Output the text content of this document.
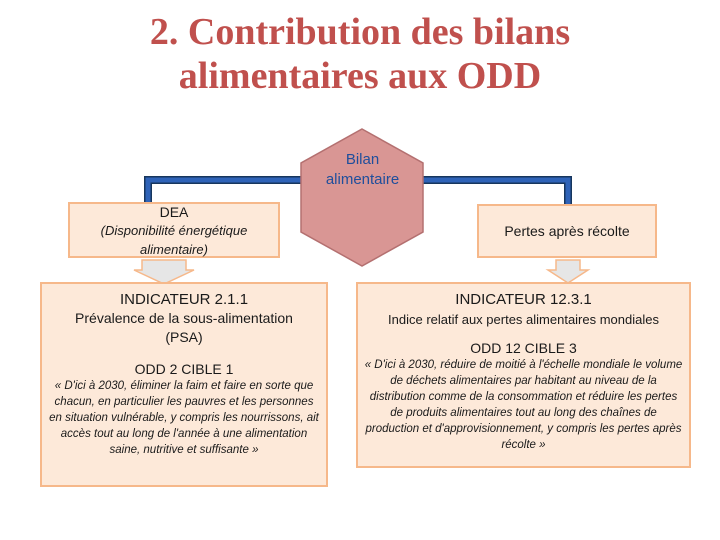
2. Contribution des bilans
alimentaires aux ODD
Bilan
alimentaire
DEA
(Disponibilité énergétique
alimentaire)
Pertes après récolte
INDICATEUR 2.1.1
Prévalence de la sous-alimentation
(PSA)
ODD 2 CIBLE 1
« D'ici à 2030, éliminer la faim et faire en sorte que chacun, en particulier les pauvres et les personnes en situation vulnérable, y compris les nourrissons, ait accès tout au long de l'année à une alimentation saine, nutritive et suffisante »
INDICATEUR 12.3.1
Indice relatif aux pertes alimentaires mondiales
ODD 12 CIBLE 3
« D'ici à 2030, réduire de moitié à l'échelle mondiale le volume de déchets alimentaires par habitant au niveau de la distribution comme de la consommation et réduire les pertes de produits alimentaires tout au long des chaînes de production et d'approvisionnement, y compris les pertes après récolte »
